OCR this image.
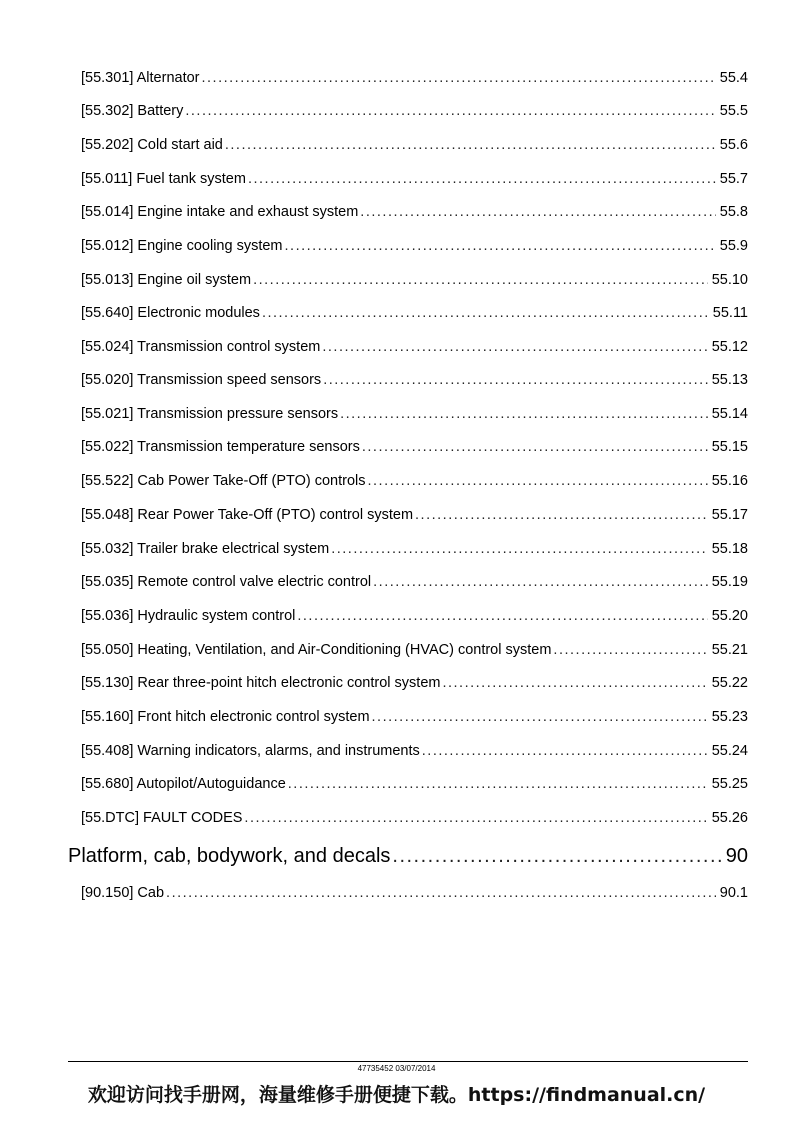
[55.301] Alternator .....	55.4
[55.302] Battery .....	55.5
[55.202] Cold start aid .....	55.6
[55.011] Fuel tank system .....	55.7
[55.014] Engine intake and exhaust system .....	55.8
[55.012] Engine cooling system .....	55.9
[55.013] Engine oil system .....	55.10
[55.640] Electronic modules .....	55.11
[55.024] Transmission control system .....	55.12
[55.020] Transmission speed sensors .....	55.13
[55.021] Transmission pressure sensors .....	55.14
[55.022] Transmission temperature sensors .....	55.15
[55.522] Cab Power Take-Off (PTO) controls .....	55.16
[55.048] Rear Power Take-Off (PTO) control system .....	55.17
[55.032] Trailer brake electrical system .....	55.18
[55.035] Remote control valve electric control .....	55.19
[55.036] Hydraulic system control .....	55.20
[55.050] Heating, Ventilation, and Air-Conditioning (HVAC) control system .....	55.21
[55.130] Rear three-point hitch electronic control system .....	55.22
[55.160] Front hitch electronic control system .....	55.23
[55.408] Warning indicators, alarms, and instruments .....	55.24
[55.680] Autopilot/Autoguidance .....	55.25
[55.DTC] FAULT CODES .....	55.26
Platform, cab, bodywork, and decals .....	90
[90.150] Cab .....	90.1
47735452 03/07/2014
欢迎访问找手册网，海量维修手册便捷下载。https://findmanual.cn/
